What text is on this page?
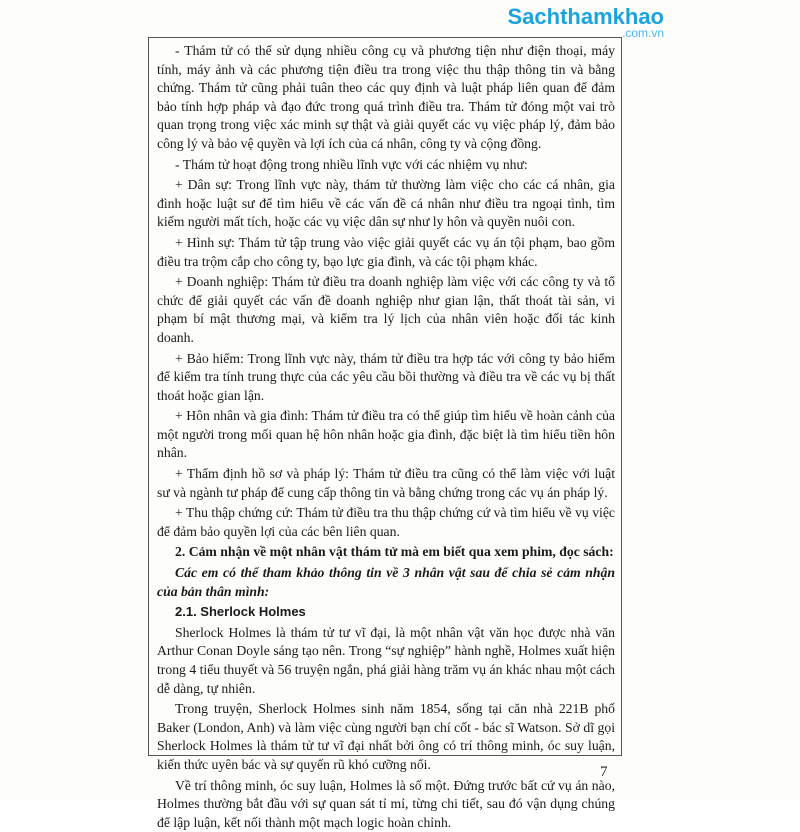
Sachthamkhao
.com.vn

- Thám tử có thể sử dụng nhiều công cụ và phương tiện như điện thoại, máy tính, máy ảnh và các phương tiện điều tra trong việc thu thập thông tin và bằng chứng. Thám tử cũng phải tuân theo các quy định và luật pháp liên quan để đảm bảo tính hợp pháp và đạo đức trong quá trình điều tra. Thám tử đóng một vai trò quan trọng trong việc xác minh sự thật và giải quyết các vụ việc pháp lý, đảm bảo công lý và bảo vệ quyền và lợi ích của cá nhân, công ty và cộng đồng.

- Thám tử hoạt động trong nhiều lĩnh vực với các nhiệm vụ như:

+ Dân sự: Trong lĩnh vực này, thám tử thường làm việc cho các cá nhân, gia đình hoặc luật sư để tìm hiểu về các vấn đề cá nhân như điều tra ngoại tình, tìm kiếm người mất tích, hoặc các vụ việc dân sự như ly hôn và quyền nuôi con.

+ Hình sự: Thám tử tập trung vào việc giải quyết các vụ án tội phạm, bao gồm điều tra trộm cắp cho công ty, bạo lực gia đình, và các tội phạm khác.

+ Doanh nghiệp: Thám tử điều tra doanh nghiệp làm việc với các công ty và tổ chức để giải quyết các vấn đề doanh nghiệp như gian lận, thất thoát tài sản, vi phạm bí mật thương mại, và kiểm tra lý lịch của nhân viên hoặc đối tác kinh doanh.

+ Bảo hiểm: Trong lĩnh vực này, thám tử điều tra hợp tác với công ty bảo hiểm để kiểm tra tính trung thực của các yêu cầu bồi thường và điều tra về các vụ bị thất thoát hoặc gian lận.

+ Hôn nhân và gia đình: Thám tử điều tra có thể giúp tìm hiểu về hoàn cảnh của một người trong mối quan hệ hôn nhân hoặc gia đình, đặc biệt là tìm hiểu tiền hôn nhân.

+ Thẩm định hồ sơ và pháp lý: Thám tử điều tra cũng có thể làm việc với luật sư và ngành tư pháp để cung cấp thông tin và bằng chứng trong các vụ án pháp lý.

+ Thu thập chứng cứ: Thám tử điều tra thu thập chứng cứ và tìm hiểu về vụ việc để đảm bảo quyền lợi của các bên liên quan.

2. Cảm nhận về một nhân vật thám tử mà em biết qua xem phim, đọc sách:

Các em có thể tham khảo thông tin về 3 nhân vật sau để chia sẻ cảm nhận của bản thân mình:

2.1. Sherlock Holmes

Sherlock Holmes là thám tử tư vĩ đại, là một nhân vật văn học được nhà văn Arthur Conan Doyle sáng tạo nên. Trong “sự nghiệp” hành nghề, Holmes xuất hiện trong 4 tiểu thuyết và 56 truyện ngắn, phá giải hàng trăm vụ án khác nhau một cách dễ dàng, tự nhiên.

Trong truyện, Sherlock Holmes sinh năm 1854, sống tại căn nhà 221B phố Baker (London, Anh) và làm việc cùng người bạn chí cốt - bác sĩ Watson. Sở dĩ gọi Sherlock Holmes là thám tử tư vĩ đại nhất bởi ông có trí thông minh, óc suy luận, kiến thức uyên bác và sự quyến rũ khó cưỡng nổi.

Về trí thông minh, óc suy luận, Holmes là số một. Đứng trước bất cứ vụ án nào, Holmes thường bắt đầu với sự quan sát tỉ mỉ, từng chi tiết, sau đó vận dụng chúng để lập luận, kết nối thành một mạch logic hoàn chỉnh.

7
